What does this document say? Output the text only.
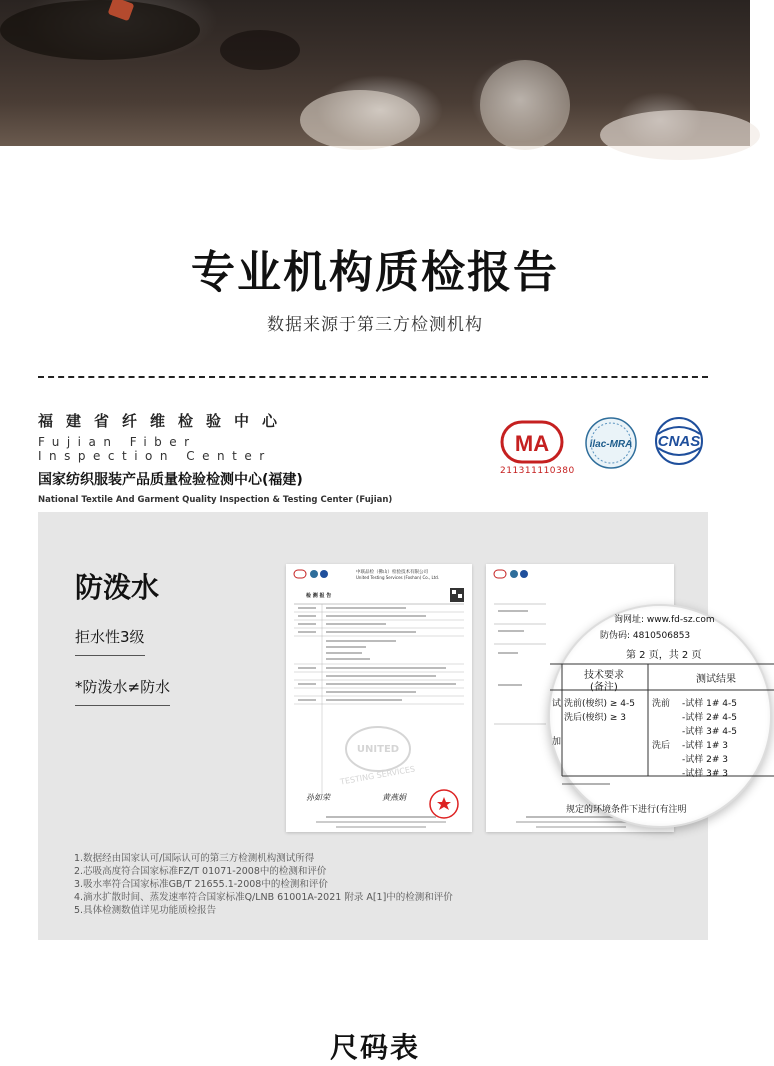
专业机构质检报告
数据来源于第三方检测机构
福建省纤维检验中心
Fujian Fiber Inspection Center
国家纺织服装产品质量检验检测中心(福建)
National Textile And Garment Quality Inspection & Testing Center (Fujian)
MA
211311110380
ilac-MRA CNAS
防泼水
拒水性3级
*防泼水≠防水
中联品检（佛山）检验技术有限公司
United Testing Services (Foshan) Co., Ltd.
检 测 报 告
UNITED
TESTING SERVICES
孙如荣	黄燕娟
询网址: www.fd-sz.com
防伪码: 4810506853
第 2 页，共 2 页
技术要求
(备注)
测试结果
试
加
洗前(梭织) ≥ 4-5
洗后(梭织) ≥ 3
洗前
洗后
-试样 1# 4-5
-试样 2# 4-5
-试样 3# 4-5
-试样 1# 3
-试样 2# 3
-试样 3# 3
规定的环境条件下进行(有注明
1.数据经由国家认可/国际认可的第三方检测机构测试所得
2.芯吸高度符合国家标准FZ/T 01071-2008中的检测和评价
3.吸水率符合国家标准GB/T 21655.1-2008中的检测和评价
4.滴水扩散时间、蒸发速率符合国家标准Q/LNB 61001A-2021 附录 A[1]中的检测和评价
5.具体检测数值详见功能质检报告
尺码表
